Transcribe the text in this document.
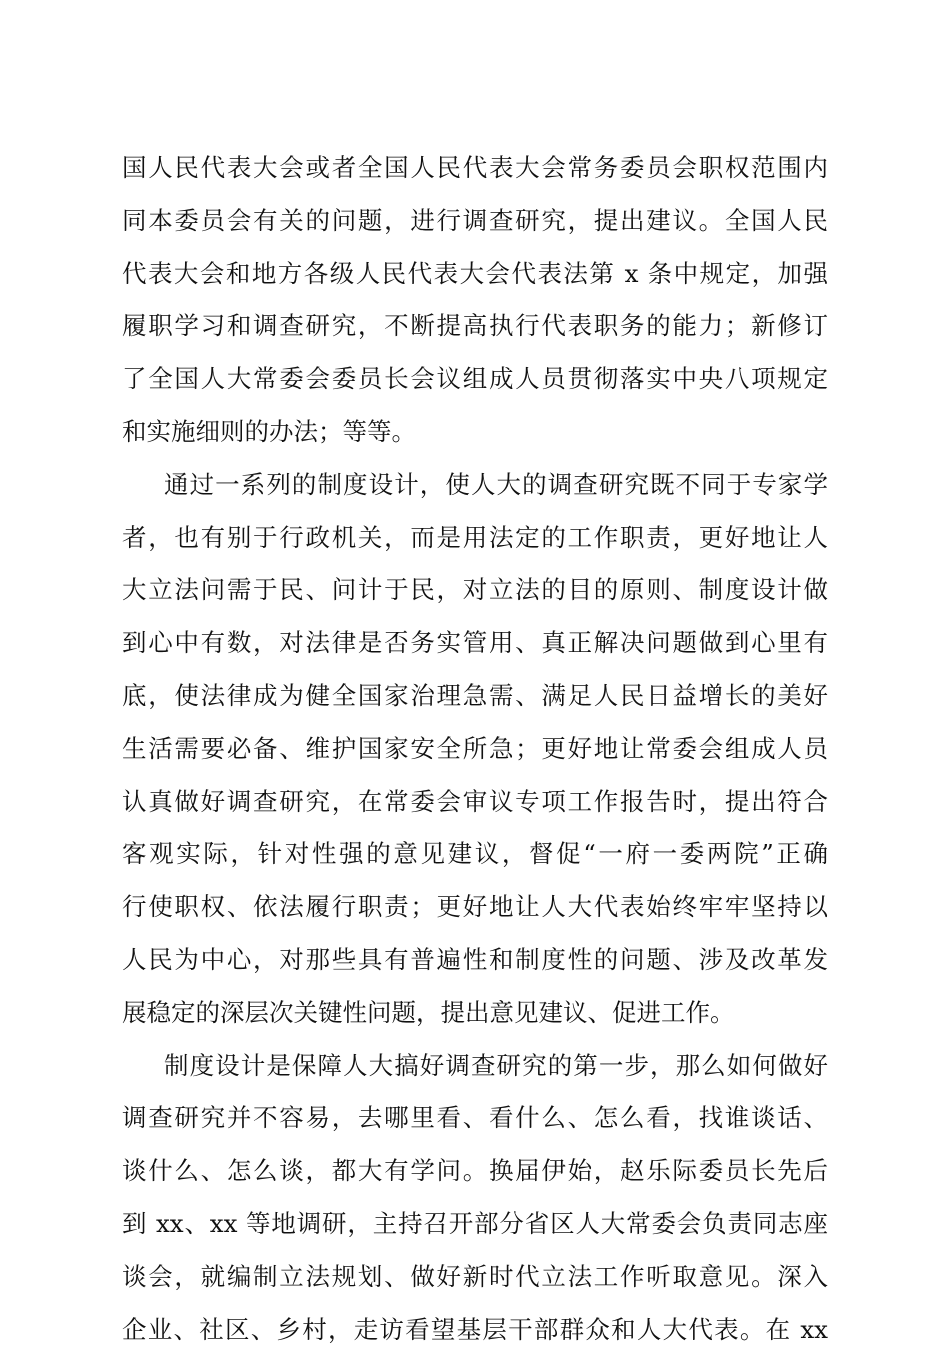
国人民代表大会或者全国人民代表大会常务委员会职权范围内
同本委员会有关的问题，进行调查研究，提出建议。全国人民
代表大会和地方各级人民代表大会代表法第 x 条中规定，加强
履职学习和调查研究，不断提高执行代表职务的能力；新修订
了全国人大常委会委员长会议组成人员贯彻落实中央八项规定
和实施细则的办法；等等。
通过一系列的制度设计，使人大的调查研究既不同于专家学
者，也有别于行政机关，而是用法定的工作职责，更好地让人
大立法问需于民、问计于民，对立法的目的原则、制度设计做
到心中有数，对法律是否务实管用、真正解决问题做到心里有
底，使法律成为健全国家治理急需、满足人民日益增长的美好
生活需要必备、维护国家安全所急；更好地让常委会组成人员
认真做好调查研究，在常委会审议专项工作报告时，提出符合
客观实际，针对性强的意见建议，督促“一府一委两院”正确
行使职权、依法履行职责；更好地让人大代表始终牢牢坚持以
人民为中心，对那些具有普遍性和制度性的问题、涉及改革发
展稳定的深层次关键性问题，提出意见建议、促进工作。
制度设计是保障人大搞好调查研究的第一步，那么如何做好
调查研究并不容易，去哪里看、看什么、怎么看，找谁谈话、
谈什么、怎么谈，都大有学问。换届伊始，赵乐际委员长先后
到 xx、xx 等地调研，主持召开部分省区人大常委会负责同志座
谈会，就编制立法规划、做好新时代立法工作听取意见。深入
企业、社区、乡村，走访看望基层干部群众和人大代表。在 xx
